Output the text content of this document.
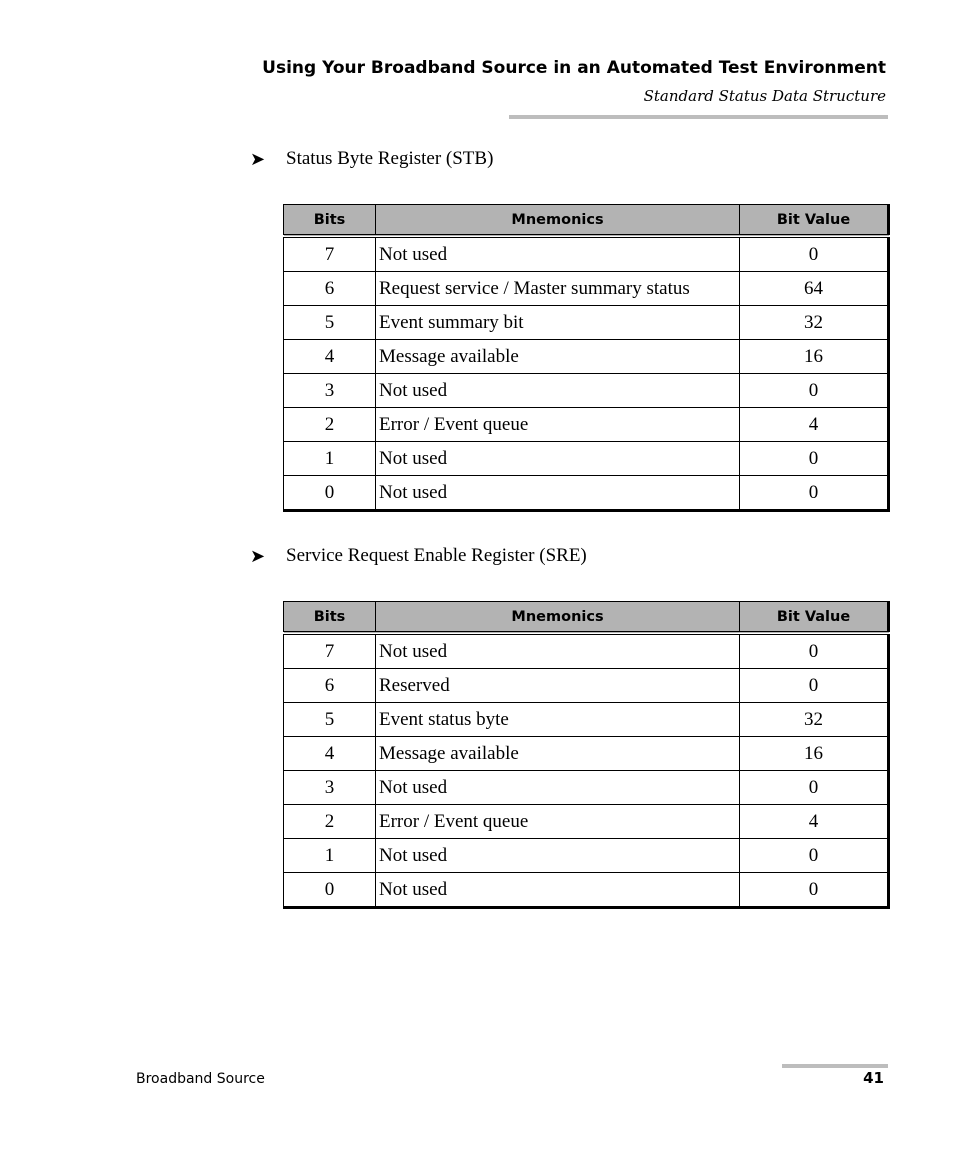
Using Your Broadband Source in an Automated Test Environment
Standard Status Data Structure
➤	Status Byte Register (STB)
Bits	Mnemonics	Bit Value
7	Not used	0
6	Request service / Master summary status	64
5	Event summary bit	32
4	Message available	16
3	Not used	0
2	Error / Event queue	4
1	Not used	0
0	Not used	0
➤	Service Request Enable Register (SRE)
Bits	Mnemonics	Bit Value
7	Not used	0
6	Reserved	0
5	Event status byte	32
4	Message available	16
3	Not used	0
2	Error / Event queue	4
1	Not used	0
0	Not used	0
Broadband Source	41
